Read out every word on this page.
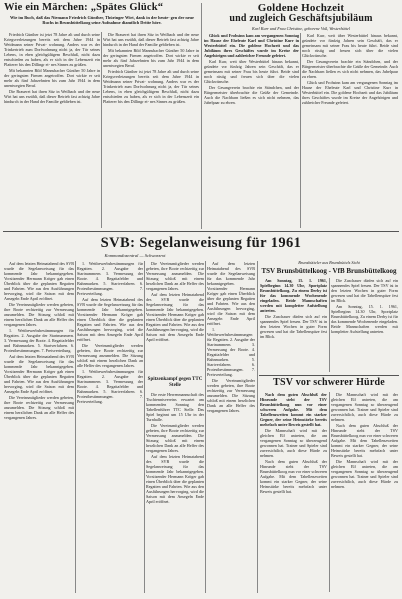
Wie ein Märchen: „Spätes Glück“
Wie im Buch, daß das Niemann Friedrich Günther, Thüringer Wirt, dank in der heute- gen der neue Ruchs in Brunsbüttelkoog seine Aufnahme diamtlich Dritte höre.

Friedrich Günther ist jetzt 78 Jahre alt und durch seine Kriegsverletzungen bereits seit dem Jahre 1944 in Weidmann seiner Privat- wohnung. Anders war es der Trinkertrieb zum Dorfwohnung nicht ja, der Tür seines Lebens, in eben gleichgültigem Beschluß, nicht dazu entschieden zu haben, als er sich in der Lebenszeit ein Platterer bis den Dillingr ei- nes Sinnes zu grüßen.

Mit bekannten Bild Mannsbacher Günther 50 Jahre in der geringsten Firmen angetroffen. Dort wirkte er seit mehr als fünf Jahrzehnten bis zum Jahr 1944 in dem unentwegten Beruf.

Die Brauerei hat ihren Sitz in Weilbach und der neue Wirt hat uns erzählt, daß dieser Betrieb fast achtzig Jahre hindurch in der Hand der Familie geblieben ist.

Die Brauerei hat ihren Sitz in Weilbach und der neue Wirt hat uns erzählt, daß dieser Betrieb fast achtzig Jahre hindurch in der Hand der Familie geblieben ist.

Mit bekannten Bild Mannsbacher Günther 50 Jahre in der geringsten Firmen angetroffen. Dort wirkte er seit mehr als fünf Jahrzehnten bis zum Jahr 1944 in dem unentwegten Beruf.

Friedrich Günther ist jetzt 78 Jahre alt und durch seine Kriegsverletzungen bereits seit dem Jahre 1944 in Weidmann seiner Privat- wohnung. Anders war es der Trinkertrieb zum Dorfwohnung nicht ja, der Tür seines Lebens, in eben gleichgültigem Beschluß, nicht dazu entschieden zu haben, als er sich in der Lebenszeit ein Platterer bis den Dillingr ei- nes Sinnes zu grüßen.

Goldene Hochzeit
und zugleich Geschäftsjubiläum
Karl Kurr und Frau Christine, geborene Voß, Westerbüttel

Glück und Frohsinn kam am vergangenen Sonntag im Hause der Eheleute Karl und Christine Kurr in Westerbüttel ein. Die goldene Hochzeit und das Jubiläum ihres Geschäftes wurde im Kreise der Angehörigen und zahlreicher Freunde gefeiert.

Karl Kurr, weit über Westerbüttel hinaus bekannt, gründete vor fünfzig Jahren sein Geschäft, das er gemeinsam mit seiner Frau bis heute führt. Beide sind noch rüstig und freuen sich über die vielen Glückwünsche.

Der Gesangverein brachte ein Ständchen, und der Bürgermeister überbrachte die Grüße der Gemeinde. Auch die Nachbarn ließen es sich nicht nehmen, das Jubelpaar zu ehren.

Karl Kurr, weit über Westerbüttel hinaus bekannt, gründete vor fünfzig Jahren sein Geschäft, das er gemeinsam mit seiner Frau bis heute führt. Beide sind noch rüstig und freuen sich über die vielen Glückwünsche.

Der Gesangverein brachte ein Ständchen, und der Bürgermeister überbrachte die Grüße der Gemeinde. Auch die Nachbarn ließen es sich nicht nehmen, das Jubelpaar zu ehren.

Glück und Frohsinn kam am vergangenen Sonntag im Hause der Eheleute Karl und Christine Kurr in Westerbüttel ein. Die goldene Hochzeit und das Jubiläum ihres Geschäftes wurde im Kreise der Angehörigen und zahlreicher Freunde gefeiert.

SVB: Segelanweisung für 1961
Kommandozentral — Schwarzrot

Auf dem letzten Heimatabend des SVB wurde die Segelanweisung für das kommende Jahr bekanntgegeben. Vorsitzender Hermann Kröger gab einen Überblick über die geplanten Regatten und Fahrten. Wie aus den Ausführungen hervorging, wird die Saison mit dem Ansegeln Ende April eröffnet.

Die Vereinsmitglieder werden gebeten, ihre Boote rechtzeitig zur Vermessung anzumelden. Die Sitzung schloß mit einem herzlichen Dank an alle Helfer des vergangenen Jahres.

1. Wettbewerbsbestimmungen für Regatten. 2. Ausgabe der Startnummern. 3. Vermessung der Boote. 4. Regattafelder und Bahnmarken. 5. Startverfahren. 6. Protestbestimmungen. 7. Preisverteilung.

Auf dem letzten Heimatabend des SVB wurde die Segelanweisung für das kommende Jahr bekanntgegeben. Vorsitzender Hermann Kröger gab einen Überblick über die geplanten Regatten und Fahrten. Wie aus den Ausführungen hervorging, wird die Saison mit dem Ansegeln Ende April eröffnet.

Die Vereinsmitglieder werden gebeten, ihre Boote rechtzeitig zur Vermessung anzumelden. Die Sitzung schloß mit einem herzlichen Dank an alle Helfer des vergangenen Jahres.

1. Wettbewerbsbestimmungen für Regatten. 2. Ausgabe der Startnummern. 3. Vermessung der Boote. 4. Regattafelder und Bahnmarken. 5. Startverfahren. 6. Protestbestimmungen. 7. Preisverteilung.

Auf dem letzten Heimatabend des SVB wurde die Segelanweisung für das kommende Jahr bekanntgegeben. Vorsitzender Hermann Kröger gab einen Überblick über die geplanten Regatten und Fahrten. Wie aus den Ausführungen hervorging, wird die Saison mit dem Ansegeln Ende April eröffnet.

Die Vereinsmitglieder werden gebeten, ihre Boote rechtzeitig zur Vermessung anzumelden. Die Sitzung schloß mit einem herzlichen Dank an alle Helfer des vergangenen Jahres.

1. Wettbewerbsbestimmungen für Regatten. 2. Ausgabe der Startnummern. 3. Vermessung der Boote. 4. Regattafelder und Bahnmarken. 5. Startverfahren. 6. Protestbestimmungen. 7. Preisverteilung.

Die Vereinsmitglieder werden gebeten, ihre Boote rechtzeitig zur Vermessung anzumelden. Die Sitzung schloß mit einem herzlichen Dank an alle Helfer des vergangenen Jahres.

Auf dem letzten Heimatabend des SVB wurde die Segelanweisung für das kommende Jahr bekanntgegeben. Vorsitzender Hermann Kröger gab einen Überblick über die geplanten Regatten und Fahrten. Wie aus den Ausführungen hervorging, wird die Saison mit dem Ansegeln Ende April eröffnet.

Spitzenkampf gegen TTC Stelle

Die erste Herrenmannschaft des Tischtennisvereins erwartet am kommenden Sonntag den Tabellenführer TTC Stelle. Das Spiel beginnt um 15 Uhr in der Turnhalle.

Die Vereinsmitglieder werden gebeten, ihre Boote rechtzeitig zur Vermessung anzumelden. Die Sitzung schloß mit einem herzlichen Dank an alle Helfer des vergangenen Jahres.

Auf dem letzten Heimatabend des SVB wurde die Segelanweisung für das kommende Jahr bekanntgegeben. Vorsitzender Hermann Kröger gab einen Überblick über die geplanten Regatten und Fahrten. Wie aus den Ausführungen hervorging, wird die Saison mit dem Ansegeln Ende April eröffnet.

Auf dem letzten Heimatabend des SVB wurde die Segelanweisung für das kommende Jahr bekanntgegeben. Vorsitzender Hermann Kröger gab einen Überblick über die geplanten Regatten und Fahrten. Wie aus den Ausführungen hervorging, wird die Saison mit dem Ansegeln Ende April eröffnet.

1. Wettbewerbsbestimmungen für Regatten. 2. Ausgabe der Startnummern. 3. Vermessung der Boote. 4. Regattafelder und Bahnmarken. 5. Startverfahren. 6. Protestbestimmungen. 7. Preisverteilung.

Die Vereinsmitglieder werden gebeten, ihre Boote rechtzeitig zur Vermessung anzumelden. Die Sitzung schloß mit einem herzlichen Dank an alle Helfer des vergangenen Jahres.

Brunsbütteler aus Brunsbüttels Sicht
TSV Brunsbüttelkoog - VfB Brunsbüttelkoog

Am Sonntag, 15. 1. 1961, Spielbeginn 14.30 Uhr, Sportplatz Brunsbüttelkoog. Zu einem Derby ist für das kommende Wochenende eingeladen. Beide Mannschaften werden mit kompletter Aufstellung antreten.

Die Zuschauer dürfen sich auf ein spannendes Spiel freuen. Der TSV ist in den letzten Wochen in guter Form gewesen und hat die Tabellenspitze fest im Blick.

Die Zuschauer dürfen sich auf ein spannendes Spiel freuen. Der TSV ist in den letzten Wochen in guter Form gewesen und hat die Tabellenspitze fest im Blick.

Am Sonntag, 15. 1. 1961, Spielbeginn 14.30 Uhr, Sportplatz Brunsbüttelkoog. Zu einem Derby ist für das kommende Wochenende eingeladen. Beide Mannschaften werden mit kompletter Aufstellung antreten.

TSV vor schwerer Hürde

Nach dem guten Abschluß der Hinrunde steht der TSV Brunsbüttelkoog nun vor einer schweren Aufgabe. Mit dem Tabellenzweiten kommt ein starker Gegner, der seine Heimstärke bereits mehrfach unter Beweis gestellt hat.

Die Mannschaft wird mit der gleichen Elf antreten, die am vergangenen Sonntag so überzeugend gewonnen hat. Trainer und Spieler sind zuversichtlich, auch diese Hürde zu nehmen.

Nach dem guten Abschluß der Hinrunde steht der TSV Brunsbüttelkoog nun vor einer schweren Aufgabe. Mit dem Tabellenzweiten kommt ein starker Gegner, der seine Heimstärke bereits mehrfach unter Beweis gestellt hat.

Die Mannschaft wird mit der gleichen Elf antreten, die am vergangenen Sonntag so überzeugend gewonnen hat. Trainer und Spieler sind zuversichtlich, auch diese Hürde zu nehmen.

Nach dem guten Abschluß der Hinrunde steht der TSV Brunsbüttelkoog nun vor einer schweren Aufgabe. Mit dem Tabellenzweiten kommt ein starker Gegner, der seine Heimstärke bereits mehrfach unter Beweis gestellt hat.

Die Mannschaft wird mit der gleichen Elf antreten, die am vergangenen Sonntag so überzeugend gewonnen hat. Trainer und Spieler sind zuversichtlich, auch diese Hürde zu nehmen.
